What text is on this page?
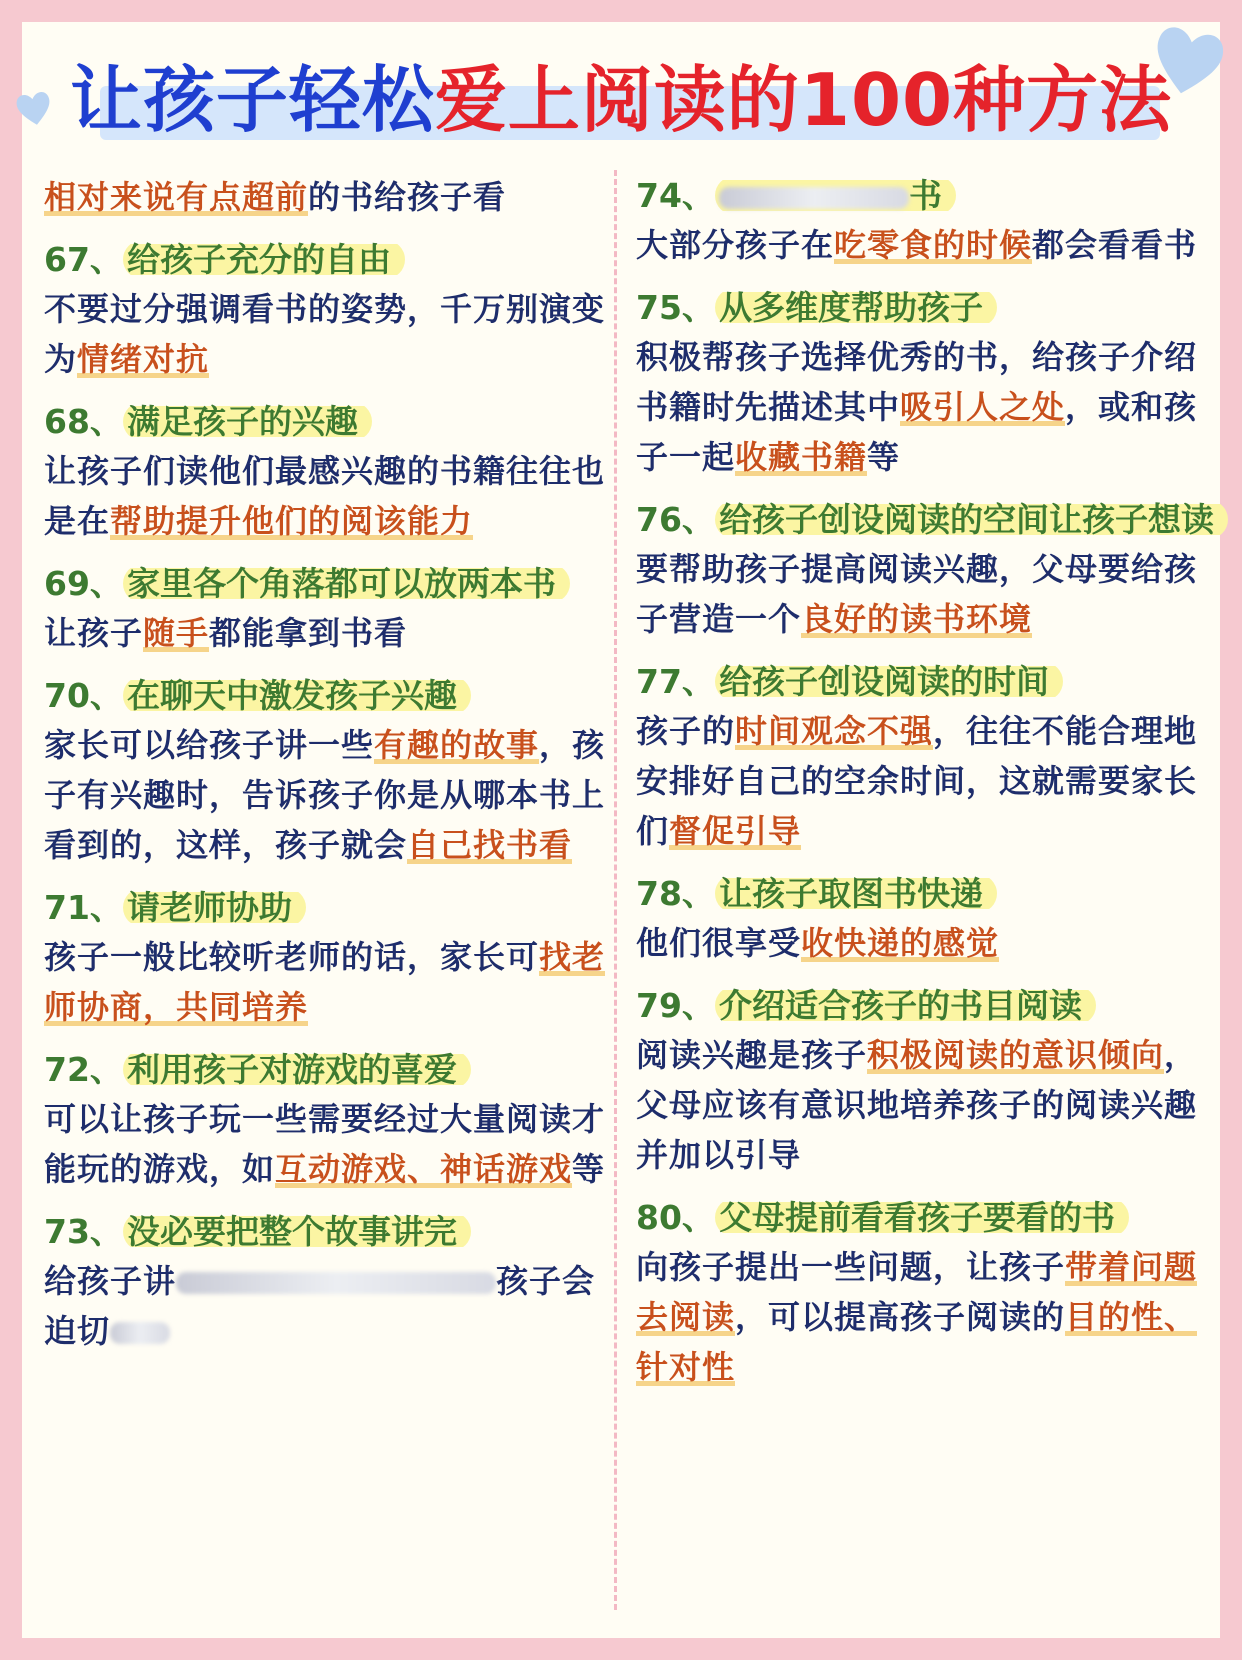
让孩子轻松爱上阅读的100种方法
相对来说有点超前的书给孩子看
67、 给孩子充分的自由
不要过分强调看书的姿势，千万别演变为情绪对抗
68、 满足孩子的兴趣
让孩子们读他们最感兴趣的书籍往往也是在帮助提升他们的阅该能力
69、 家里各个角落都可以放两本书
让孩子随手都能拿到书看
70、 在聊天中激发孩子兴趣
家长可以给孩子讲一些有趣的故事，孩子有兴趣时，告诉孩子你是从哪本书上看到的，这样，孩子就会自己找书看
71、 请老师协助
孩子一般比较听老师的话，家长可找老师协商，共同培养
72、 利用孩子对游戏的喜爱
可以让孩子玩一些需要经过大量阅读才能玩的游戏，如互动游戏、神话游戏等
73、 没必要把整个故事讲完
给孩子讲	孩子会迫切
74、	书
大部分孩子在吃零食的时候都会看看书
75、 从多维度帮助孩子
积极帮孩子选择优秀的书，给孩子介绍书籍时先描述其中吸引人之处，或和孩子一起收藏书籍等
76、 给孩子创设阅读的空间让孩子想读
要帮助孩子提高阅读兴趣，父母要给孩子营造一个良好的读书环境
77、 给孩子创设阅读的时间
孩子的时间观念不强，往往不能合理地安排好自己的空余时间，这就需要家长们督促引导
78、 让孩子取图书快递
他们很享受收快递的感觉
79、 介绍适合孩子的书目阅读
阅读兴趣是孩子积极阅读的意识倾向，父母应该有意识地培养孩子的阅读兴趣并加以引导
80、 父母提前看看孩子要看的书
向孩子提出一些问题，让孩子带着问题去阅读，可以提高孩子阅读的目的性、针对性
